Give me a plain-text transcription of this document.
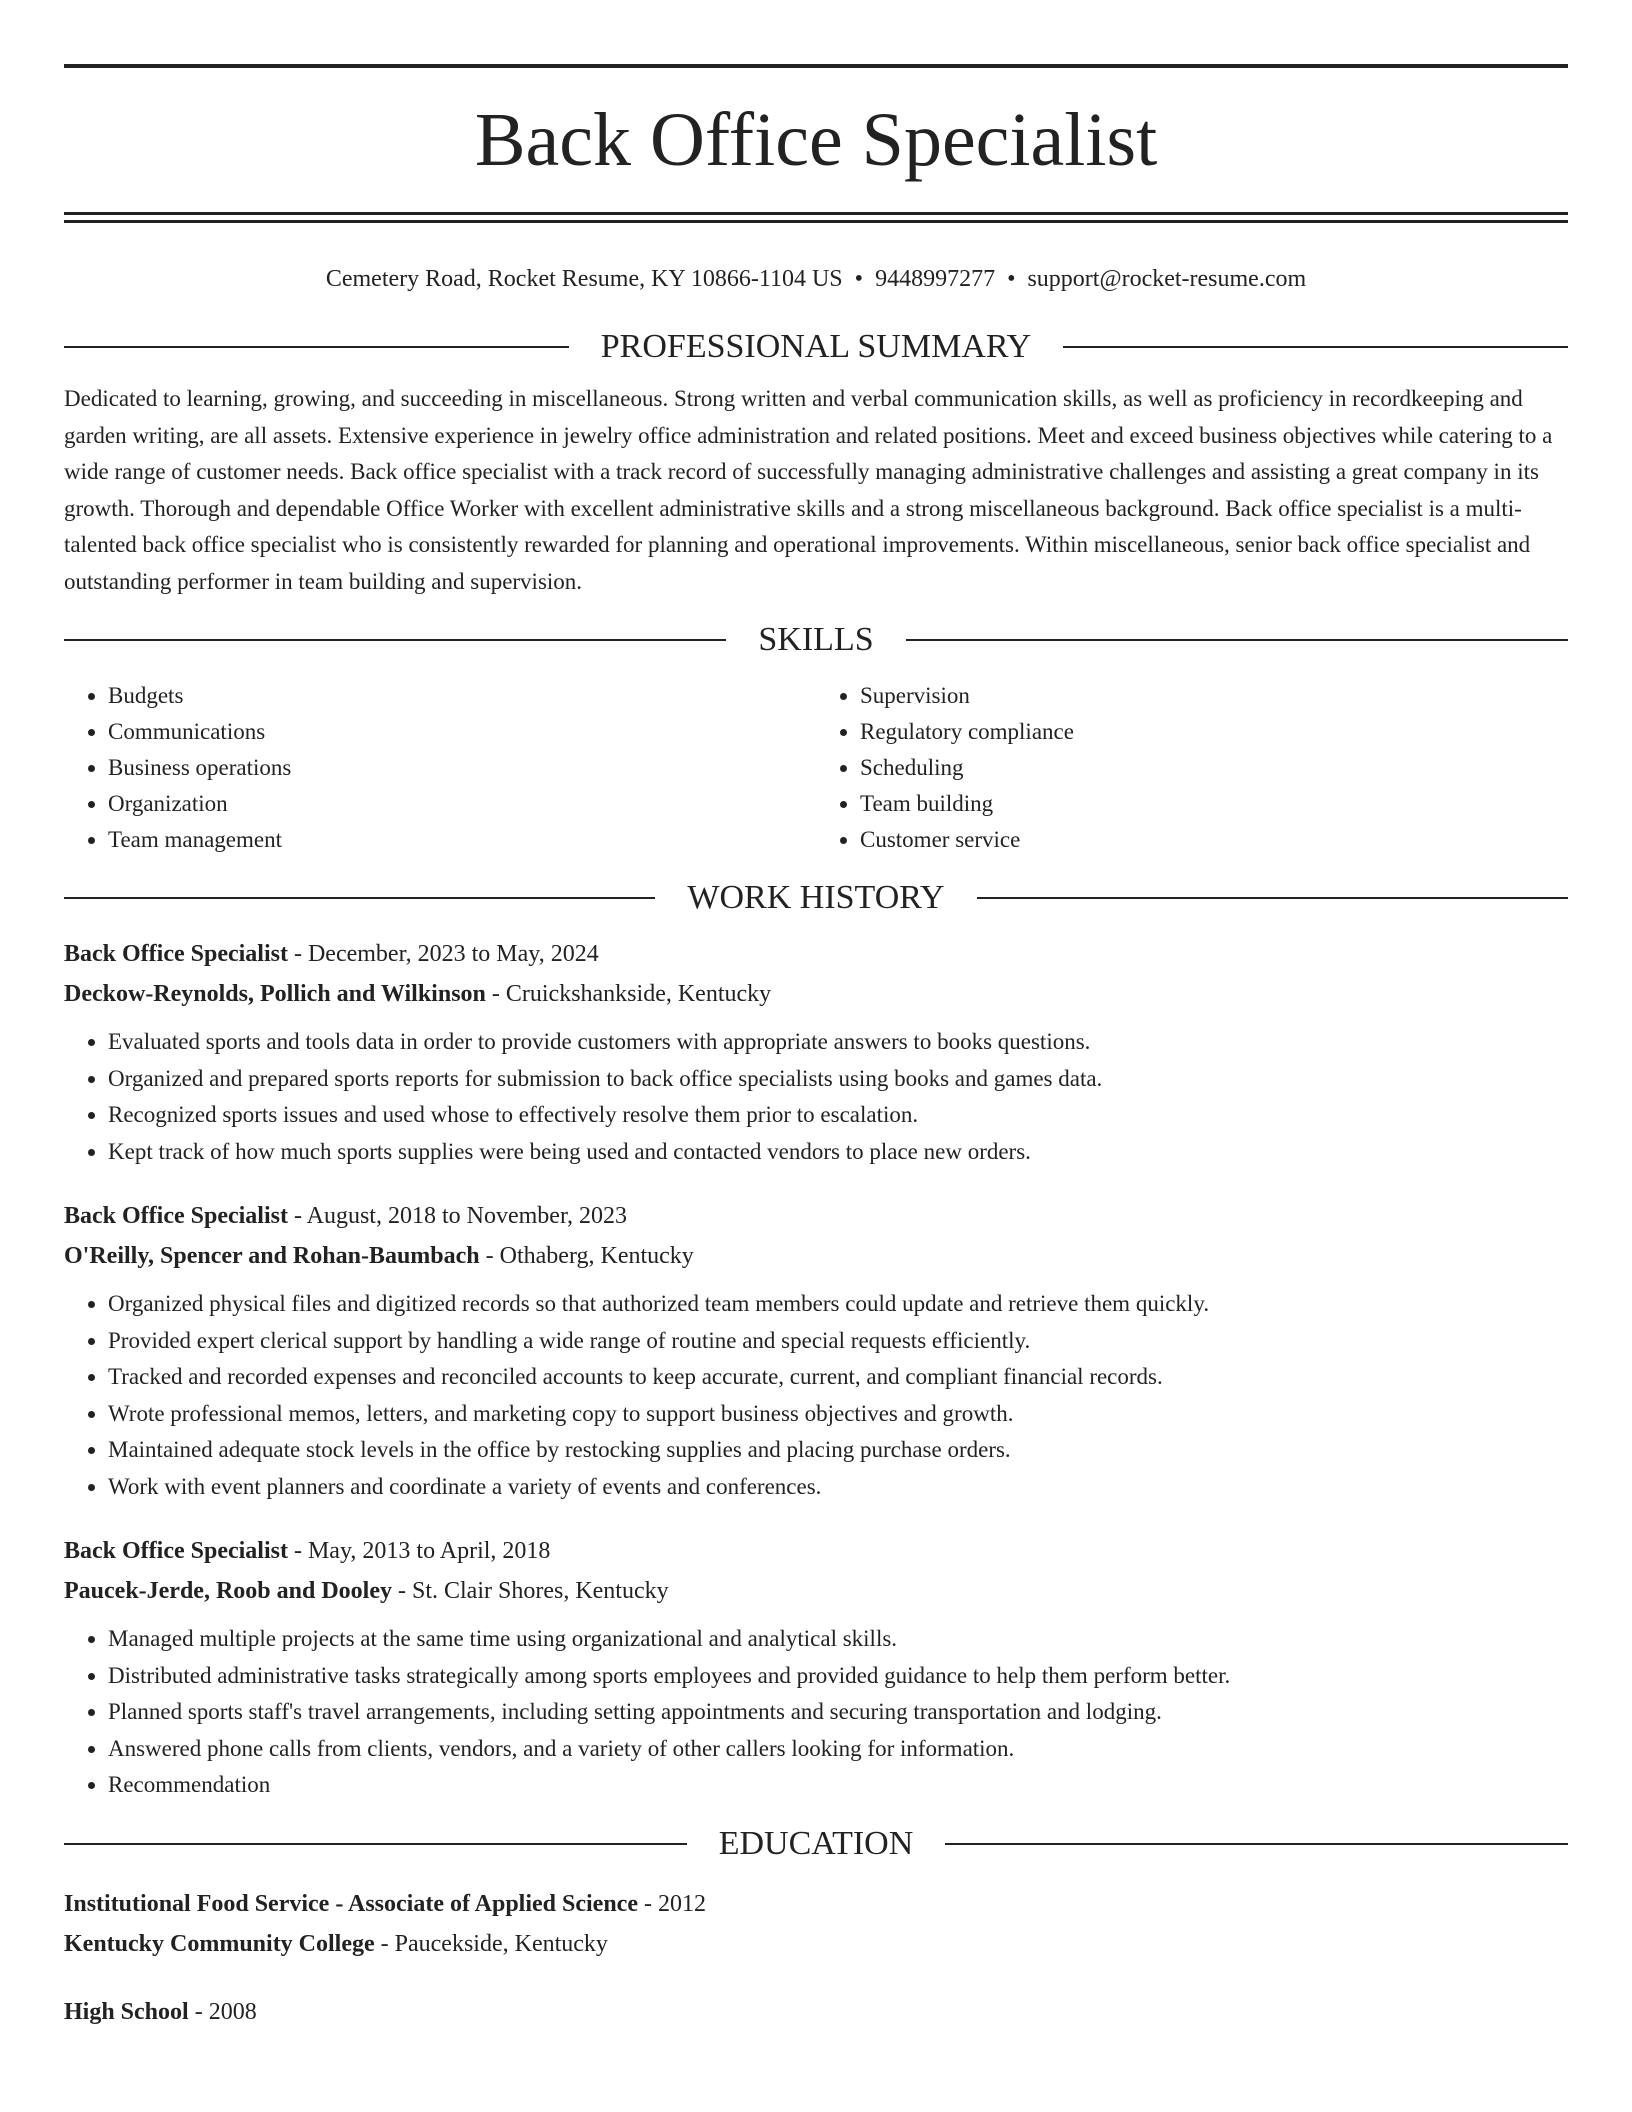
Back Office Specialist
Cemetery Road, Rocket Resume, KY 10866-1104 US • 9448997277 • support@rocket-resume.com
PROFESSIONAL SUMMARY

Dedicated to learning, growing, and succeeding in miscellaneous. Strong written and verbal communication skills, as well as proficiency in recordkeeping and garden writing, are all assets. Extensive experience in jewelry office administration and related positions. Meet and exceed business objectives while catering to a wide range of customer needs. Back office specialist with a track record of successfully managing administrative challenges and assisting a great company in its growth. Thorough and dependable Office Worker with excellent administrative skills and a strong miscellaneous background. Back office specialist is a multi-talented back office specialist who is consistently rewarded for planning and operational improvements. Within miscellaneous, senior back office specialist and outstanding performer in team building and supervision.

SKILLS
• Budgets
• Communications
• Business operations
• Organization
• Team management
• Supervision
• Regulatory compliance
• Scheduling
• Team building
• Customer service
WORK HISTORY
Back Office Specialist - December, 2023 to May, 2024
Deckow-Reynolds, Pollich and Wilkinson - Cruickshankside, Kentucky
• Evaluated sports and tools data in order to provide customers with appropriate answers to books questions.
• Organized and prepared sports reports for submission to back office specialists using books and games data.
• Recognized sports issues and used whose to effectively resolve them prior to escalation.
• Kept track of how much sports supplies were being used and contacted vendors to place new orders.
Back Office Specialist - August, 2018 to November, 2023
O'Reilly, Spencer and Rohan-Baumbach - Othaberg, Kentucky
• Organized physical files and digitized records so that authorized team members could update and retrieve them quickly.
• Provided expert clerical support by handling a wide range of routine and special requests efficiently.
• Tracked and recorded expenses and reconciled accounts to keep accurate, current, and compliant financial records.
• Wrote professional memos, letters, and marketing copy to support business objectives and growth.
• Maintained adequate stock levels in the office by restocking supplies and placing purchase orders.
• Work with event planners and coordinate a variety of events and conferences.
Back Office Specialist - May, 2013 to April, 2018
Paucek-Jerde, Roob and Dooley - St. Clair Shores, Kentucky
• Managed multiple projects at the same time using organizational and analytical skills.
• Distributed administrative tasks strategically among sports employees and provided guidance to help them perform better.
• Planned sports staff's travel arrangements, including setting appointments and securing transportation and lodging.
• Answered phone calls from clients, vendors, and a variety of other callers looking for information.
• Recommendation
EDUCATION
Institutional Food Service - Associate of Applied Science - 2012
Kentucky Community College - Paucekside, Kentucky
High School - 2008
